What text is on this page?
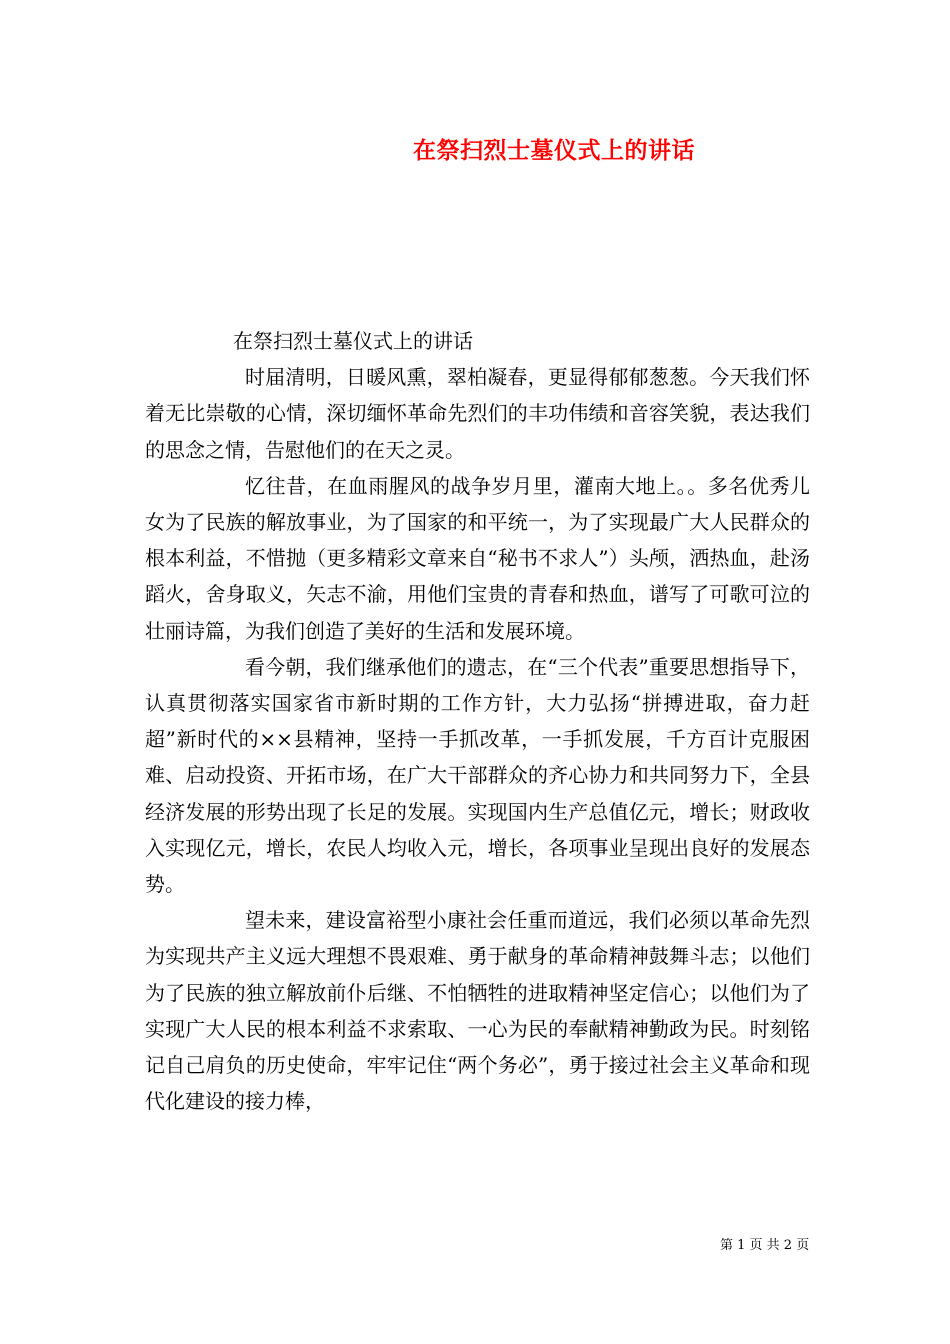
在祭扫烈士墓仪式上的讲话

在祭扫烈士墓仪式上的讲话

时届清明，日暖风熏，翠柏凝春，更显得郁郁葱葱。今天我们怀着无比崇敬的心情，深切缅怀革命先烈们的丰功伟绩和音容笑貌，表达我们的思念之情，告慰他们的在天之灵。

忆往昔，在血雨腥风的战争岁月里，灌南大地上。。多名优秀儿女为了民族的解放事业，为了国家的和平统一，为了实现最广大人民群众的根本利益，不惜抛（更多精彩文章来自“秘书不求人”）头颅，洒热血，赴汤蹈火，舍身取义，矢志不渝，用他们宝贵的青春和热血，谱写了可歌可泣的壮丽诗篇，为我们创造了美好的生活和发展环境。

看今朝，我们继承他们的遗志，在“三个代表”重要思想指导下，认真贯彻落实国家省市新时期的工作方针，大力弘扬“拼搏进取，奋力赶超”新时代的××县精神，坚持一手抓改革，一手抓发展，千方百计克服困难、启动投资、开拓市场，在广大干部群众的齐心协力和共同努力下，全县经济发展的形势出现了长足的发展。实现国内生产总值亿元，增长；财政收入实现亿元，增长，农民人均收入元，增长，各项事业呈现出良好的发展态势。

望未来，建设富裕型小康社会任重而道远，我们必须以革命先烈为实现共产主义远大理想不畏艰难、勇于献身的革命精神鼓舞斗志；以他们为了民族的独立解放前仆后继、不怕牺牲的进取精神坚定信心；以他们为了实现广大人民的根本利益不求索取、一心为民的奉献精神勤政为民。时刻铭记自己肩负的历史使命，牢牢记住“两个务必”，勇于接过社会主义革命和现代化建设的接力棒，

第 1 页 共 2 页
